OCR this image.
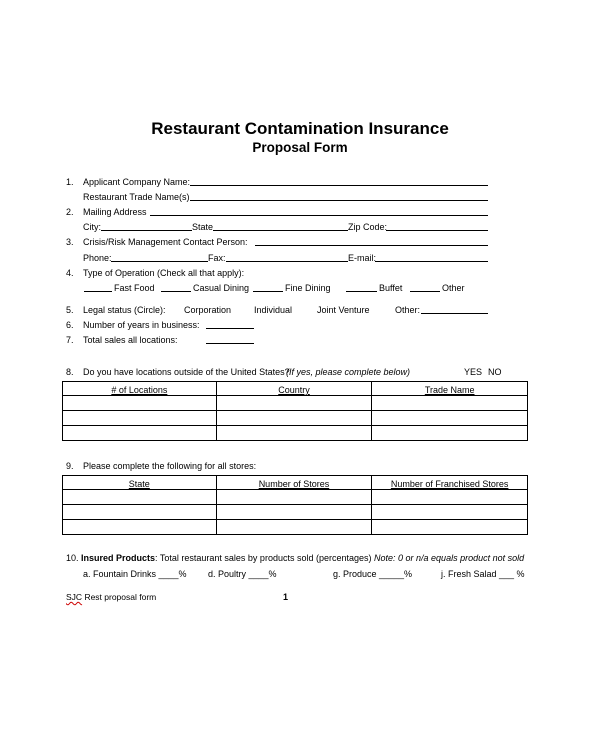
Restaurant Contamination Insurance
Proposal Form
1. Applicant Company Name:
Restaurant Trade Name(s)
2. Mailing Address
City:	State	Zip Code:
3. Crisis/Risk Management Contact Person:
Phone:	Fax:	E-mail:
4. Type of Operation (Check all that apply):
Fast Food	Casual Dining	Fine Dining	Buffet	Other
5. Legal status (Circle): Corporation	Individual	Joint Venture	Other:
6. Number of years in business:
7. Total sales all locations:
8. Do you have locations outside of the United States?
(If yes, please complete below)	YES NO
# of Locations	Country	Trade Name

9. Please complete the following for all stores:
State	Number of Stores	Number of Franchised Stores

10. Insured Products: Total restaurant sales by products sold (percentages) Note: 0 or n/a equals product not sold
a. Fountain Drinks ____% d. Poultry ____%	g. Produce _____%	j. Fresh Salad ___ %
SJC Rest proposal form	1
